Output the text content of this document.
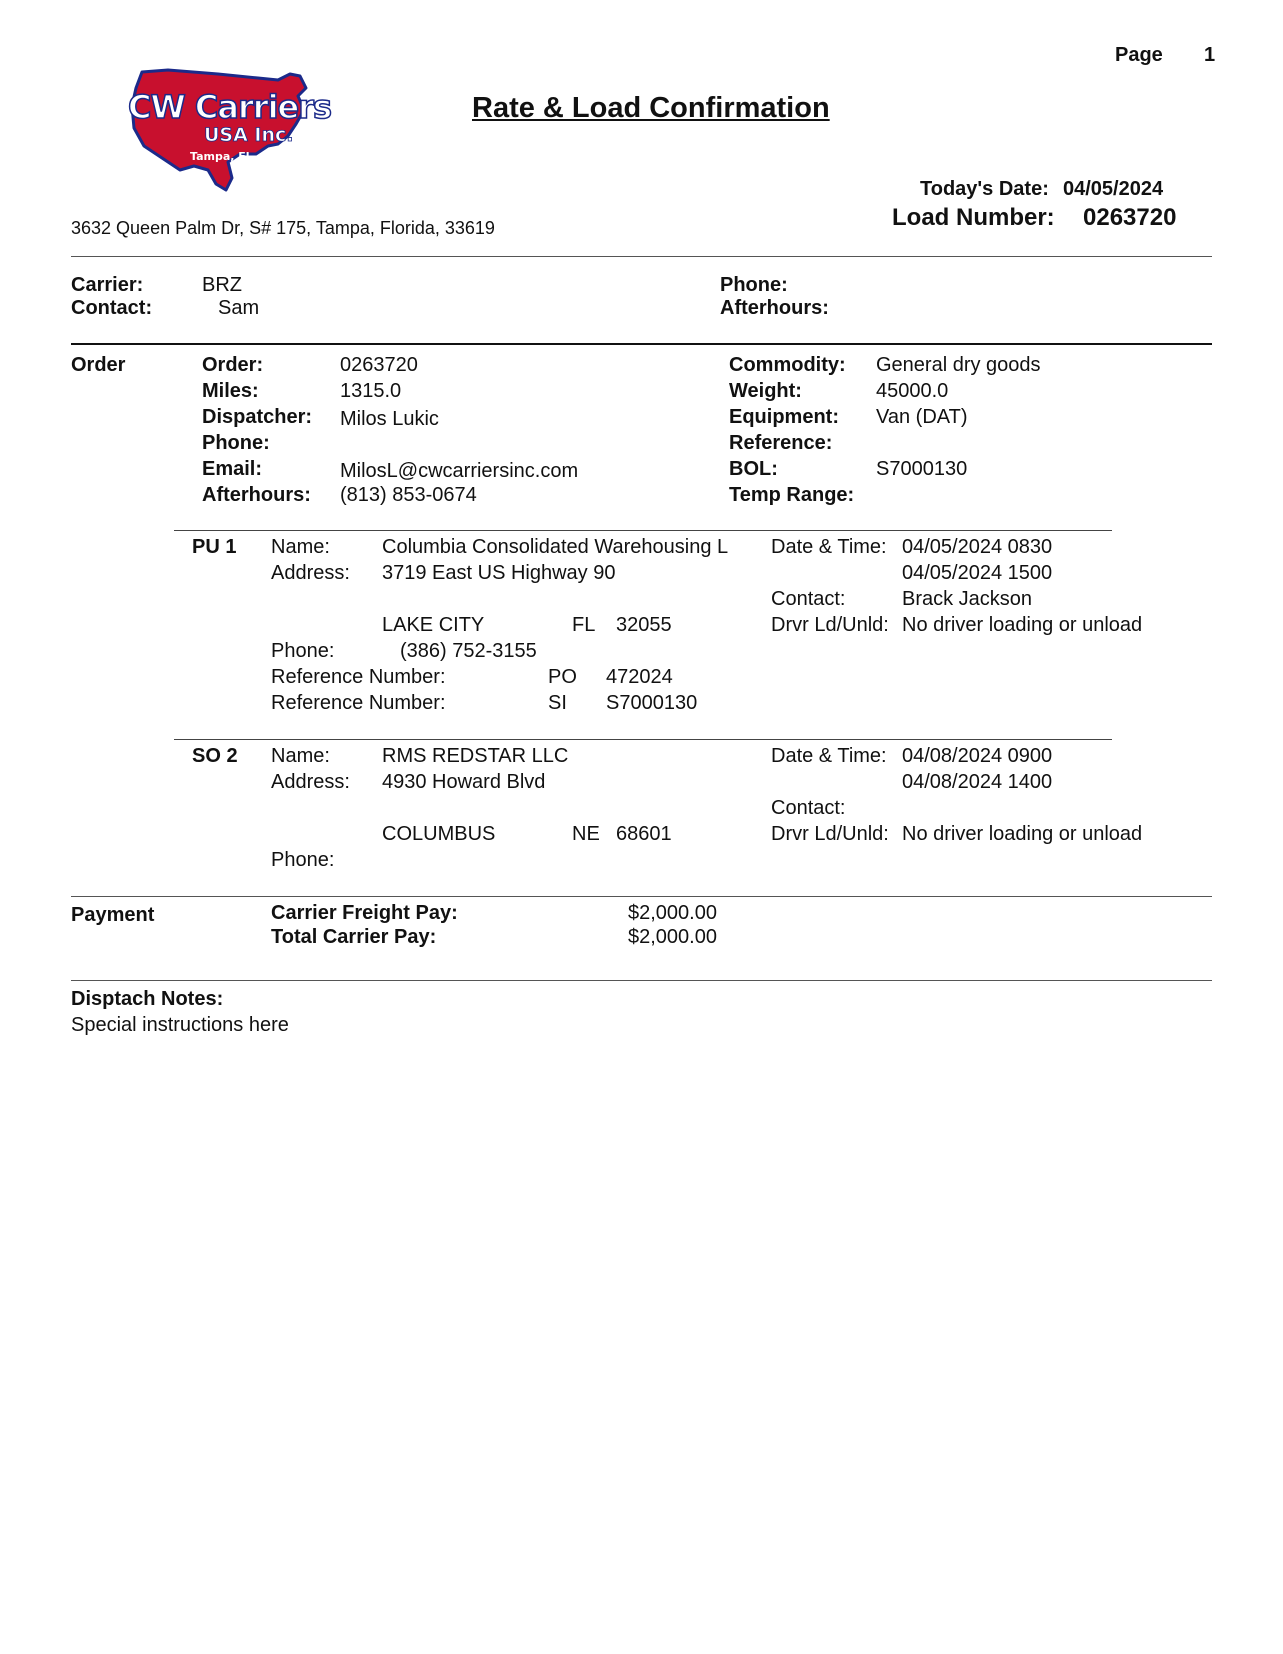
Page 1
CW Carriers
USA Inc.
Tampa, Fl.
Rate & Load Confirmation
Today's Date: 04/05/2024
Load Number: 0263720
3632 Queen Palm Dr, S# 175, Tampa, Florida, 33619
Carrier:	BRZ
Contact:	Sam
Phone:
Afterhours:
Order	Order:	0263720
Miles:	1315.0
Dispatcher: Milos Lukic
Phone:
Email:	MilosL@cwcarriersinc.com
Afterhours: (813) 853-0674
Commodity: General dry goods
Weight:	45000.0
Equipment: Van (DAT)
Reference:
BOL:	S7000130
Temp Range:
PU 1 Name:	Columbia Consolidated Warehousing L
Address: 3719 East US Highway 90
LAKE CITY	FL 32055
Phone:	(386) 752-3155
Reference Number:	PO 472024
Reference Number:	SI S7000130
Date & Time: 04/05/2024 0830
04/05/2024 1500
Contact:	Brack Jackson
Drvr Ld/Unld: No driver loading or unload
SO 2 Name:	RMS REDSTAR LLC
Address: 4930 Howard Blvd
COLUMBUS	NE 68601
Phone:
Date & Time: 04/08/2024 0900
04/08/2024 1400
Contact:
Drvr Ld/Unld: No driver loading or unload
Payment	Carrier Freight Pay:	$2,000.00
Total Carrier Pay:	$2,000.00
Disptach Notes:
Special instructions here
